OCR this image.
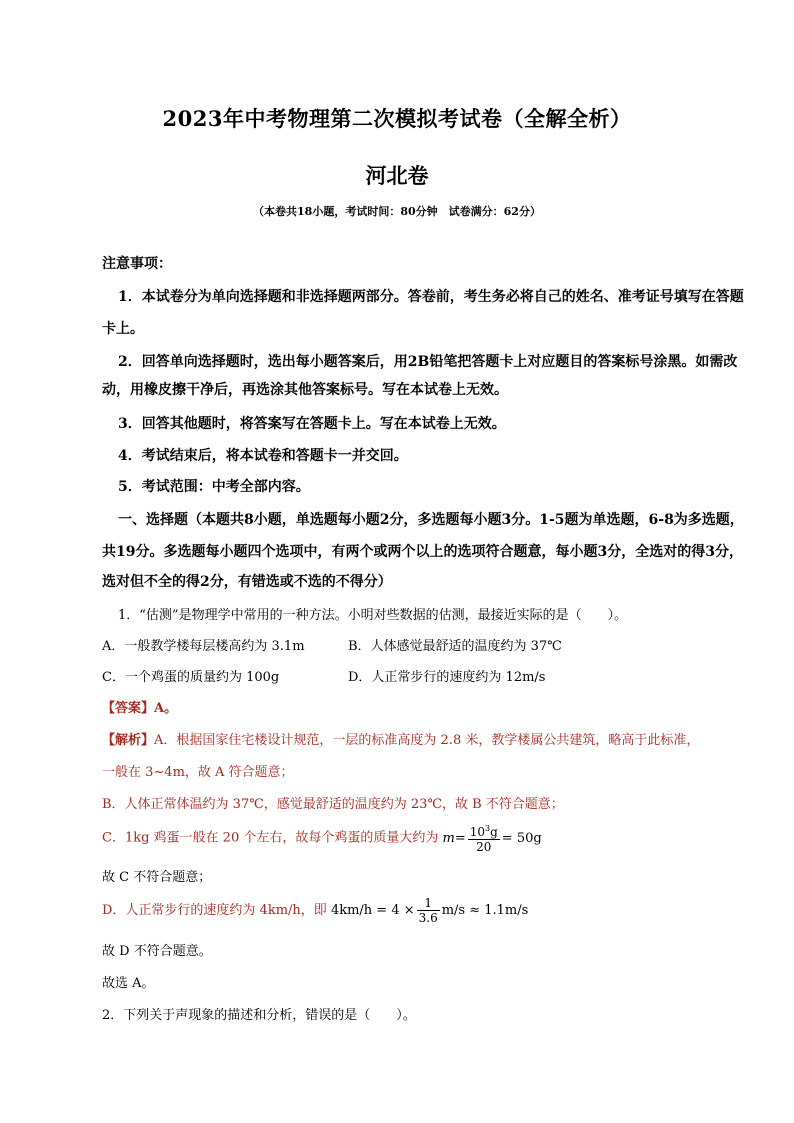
2023年中考物理第二次模拟考试卷（全解全析）
河北卷
（本卷共18小题，考试时间：80分钟　试卷满分：62分）
注意事项：
1．本试卷分为单向选择题和非选择题两部分。答卷前，考生务必将自己的姓名、准考证号填写在答题
卡上。
2．回答单向选择题时，选出每小题答案后，用2B铅笔把答题卡上对应题目的答案标号涂黑。如需改
动，用橡皮擦干净后，再选涂其他答案标号。写在本试卷上无效。
3．回答其他题时，将答案写在答题卡上。写在本试卷上无效。
4．考试结束后，将本试卷和答题卡一并交回。
5．考试范围：中考全部内容。
一、选择题（本题共8小题，单选题每小题2分，多选题每小题3分。1-5题为单选题，6-8为多选题，
共19分。多选题每小题四个选项中，有两个或两个以上的选项符合题意，每小题3分，全选对的得3分，
选对但不全的得2分，有错选或不选的不得分）
1．“估测”是物理学中常用的一种方法。小明对些数据的估测，最接近实际的是（　　）。
A．一般教学楼每层楼高约为 3.1m	B．人体感觉最舒适的温度约为 37℃
C．一个鸡蛋的质量约为 100g	D．人正常步行的速度约为 12m/s
【答案】A。
【解析】A．根据国家住宅楼设计规范，一层的标准高度为 2.8 米，教学楼属公共建筑，略高于此标准，
一般在 3~4m，故 A 符合题意；
B．人体正常体温约为 37℃，感觉最舒适的温度约为 23℃，故 B 不符合题意；
C．1kg 鸡蛋一般在 20 个左右，故每个鸡蛋的质量大约为 $m= \frac{10^3g}{20} = 50g$
故 C 不符合题意；
D．人正常步行的速度约为 4km/h，即 $4km/h = 4 \times \frac{1}{3.6} m/s \approx 1.1m/s$
故 D 不符合题意。
故选 A。
2．下列关于声现象的描述和分析，错误的是（　　）。
